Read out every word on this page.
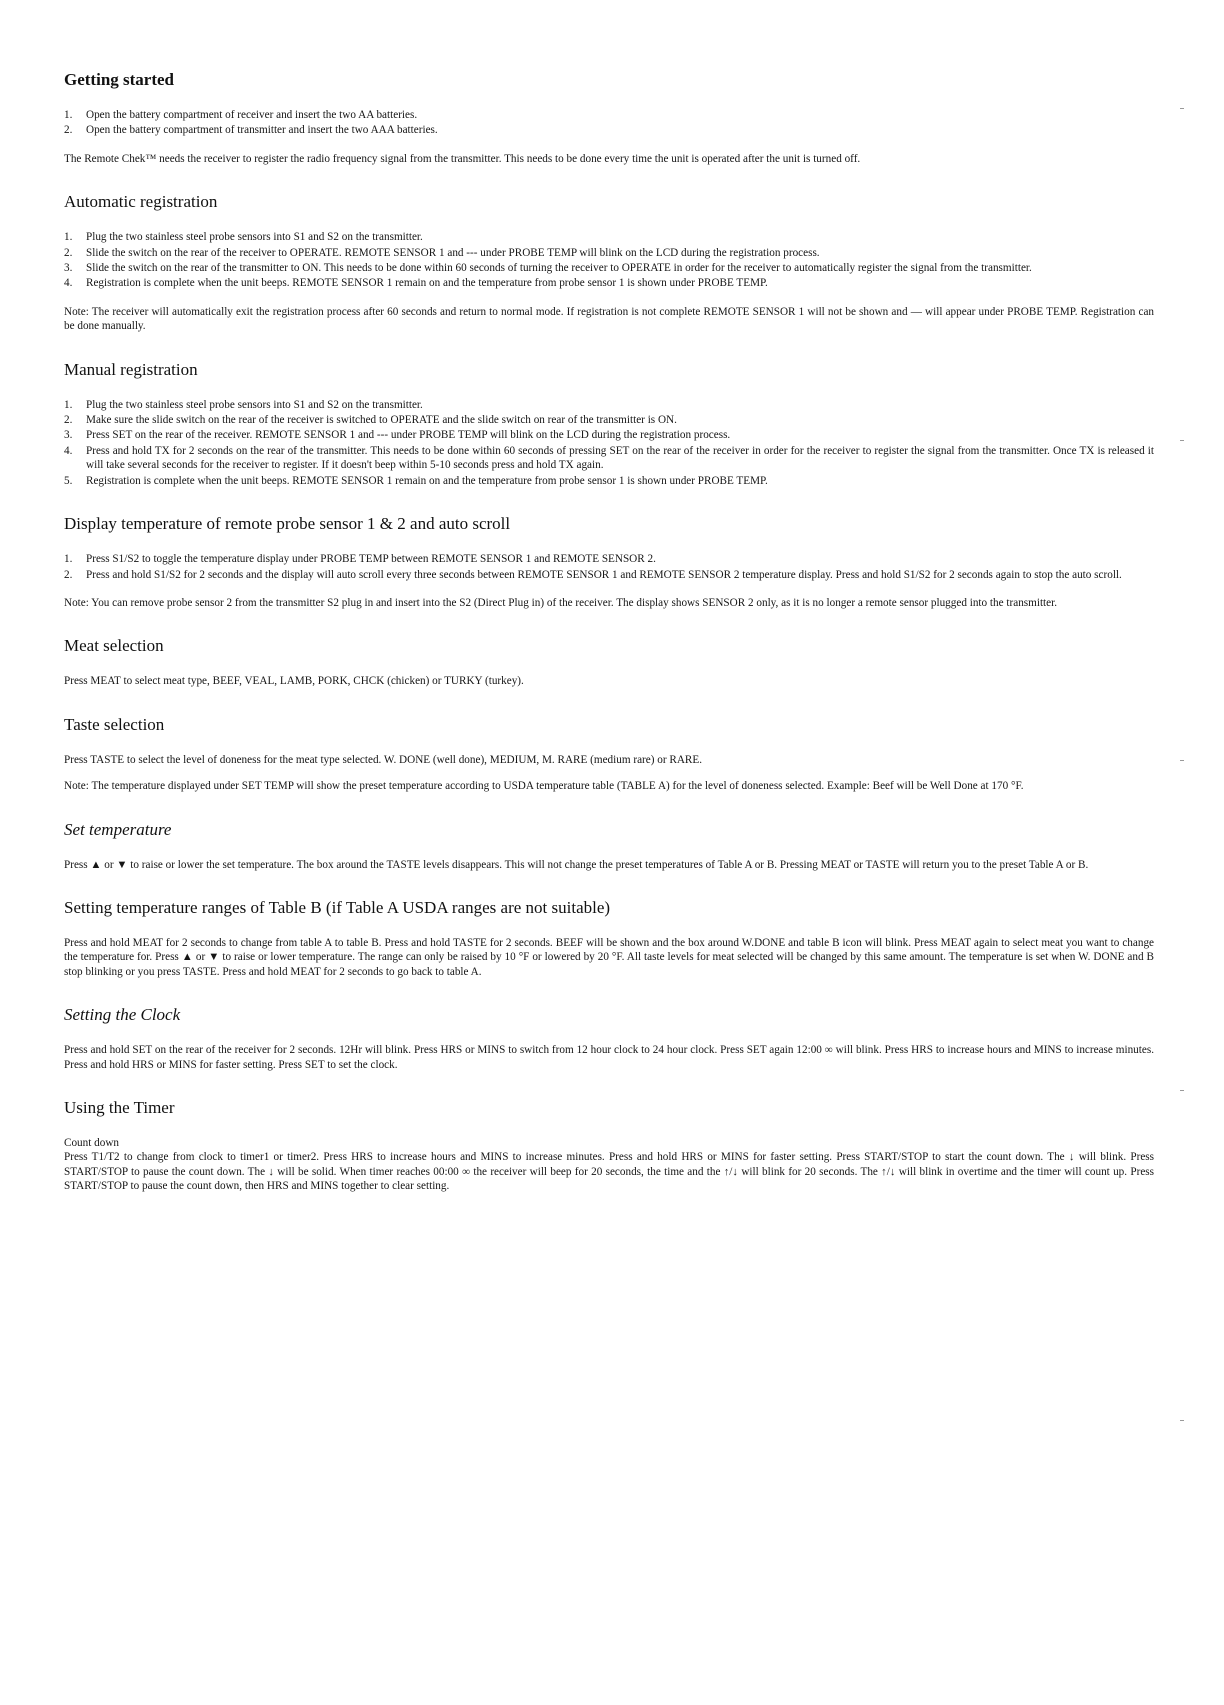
Getting started
1. Open the battery compartment of receiver and insert the two AA batteries.
2. Open the battery compartment of transmitter and insert the two AAA batteries.

The Remote Chek™ needs the receiver to register the radio frequency signal from the transmitter. This needs to be done every time the unit is operated after the unit is turned off.

Automatic registration
1. Plug the two stainless steel probe sensors into S1 and S2 on the transmitter.
2. Slide the switch on the rear of the receiver to OPERATE. REMOTE SENSOR 1 and --- under PROBE TEMP will blink on the LCD during the registration process.
3. Slide the switch on the rear of the transmitter to ON. This needs to be done within 60 seconds of turning the receiver to OPERATE in order for the receiver to automatically register the signal from the transmitter.
4. Registration is complete when the unit beeps. REMOTE SENSOR 1 remain on and the temperature from probe sensor 1 is shown under PROBE TEMP.

Note: The receiver will automatically exit the registration process after 60 seconds and return to normal mode. If registration is not complete REMOTE SENSOR 1 will not be shown and — will appear under PROBE TEMP. Registration can be done manually.

Manual registration
1. Plug the two stainless steel probe sensors into S1 and S2 on the transmitter.
2. Make sure the slide switch on the rear of the receiver is switched to OPERATE and the slide switch on rear of the transmitter is ON.
3. Press SET on the rear of the receiver. REMOTE SENSOR 1 and --- under PROBE TEMP will blink on the LCD during the registration process.
4. Press and hold TX for 2 seconds on the rear of the transmitter. This needs to be done within 60 seconds of pressing SET on the rear of the receiver in order for the receiver to register the signal from the transmitter. Once TX is released it will take several seconds for the receiver to register. If it doesn't beep within 5-10 seconds press and hold TX again.
5. Registration is complete when the unit beeps. REMOTE SENSOR 1 remain on and the temperature from probe sensor 1 is shown under PROBE TEMP.
Display temperature of remote probe sensor 1 & 2 and auto scroll
1. Press S1/S2 to toggle the temperature display under PROBE TEMP between REMOTE SENSOR 1 and REMOTE SENSOR 2.
2. Press and hold S1/S2 for 2 seconds and the display will auto scroll every three seconds between REMOTE SENSOR 1 and REMOTE SENSOR 2 temperature display. Press and hold S1/S2 for 2 seconds again to stop the auto scroll.

Note: You can remove probe sensor 2 from the transmitter S2 plug in and insert into the S2 (Direct Plug in) of the receiver. The display shows SENSOR 2 only, as it is no longer a remote sensor plugged into the transmitter.

Meat selection

Press MEAT to select meat type, BEEF, VEAL, LAMB, PORK, CHCK (chicken) or TURKY (turkey).

Taste selection

Press TASTE to select the level of doneness for the meat type selected. W. DONE (well done), MEDIUM, M. RARE (medium rare) or RARE.

Note: The temperature displayed under SET TEMP will show the preset temperature according to USDA temperature table (TABLE A) for the level of doneness selected. Example: Beef will be Well Done at 170 °F.

Set temperature

Press ▲ or ▼ to raise or lower the set temperature. The box around the TASTE levels disappears. This will not change the preset temperatures of Table A or B. Pressing MEAT or TASTE will return you to the preset Table A or B.

Setting temperature ranges of Table B (if Table A USDA ranges are not suitable)

Press and hold MEAT for 2 seconds to change from table A to table B. Press and hold TASTE for 2 seconds. BEEF will be shown and the box around W.DONE and table B icon will blink. Press MEAT again to select meat you want to change the temperature for. Press ▲ or ▼ to raise or lower temperature. The range can only be raised by 10 °F or lowered by 20 °F. All taste levels for meat selected will be changed by this same amount. The temperature is set when W. DONE and B stop blinking or you press TASTE. Press and hold MEAT for 2 seconds to go back to table A.

Setting the Clock

Press and hold SET on the rear of the receiver for 2 seconds. 12Hr will blink. Press HRS or MINS to switch from 12 hour clock to 24 hour clock. Press SET again 12:00 ∞ will blink. Press HRS to increase hours and MINS to increase minutes. Press and hold HRS or MINS for faster setting. Press SET to set the clock.

Using the Timer
Count down

Press T1/T2 to change from clock to timer1 or timer2. Press HRS to increase hours and MINS to increase minutes. Press and hold HRS or MINS for faster setting. Press START/STOP to start the count down. The ↓ will blink. Press START/STOP to pause the count down. The ↓ will be solid. When timer reaches 00:00 ∞ the receiver will beep for 20 seconds, the time and the ↑/↓ will blink for 20 seconds. The ↑/↓ will blink in overtime and the timer will count up. Press START/STOP to pause the count down, then HRS and MINS together to clear setting.
